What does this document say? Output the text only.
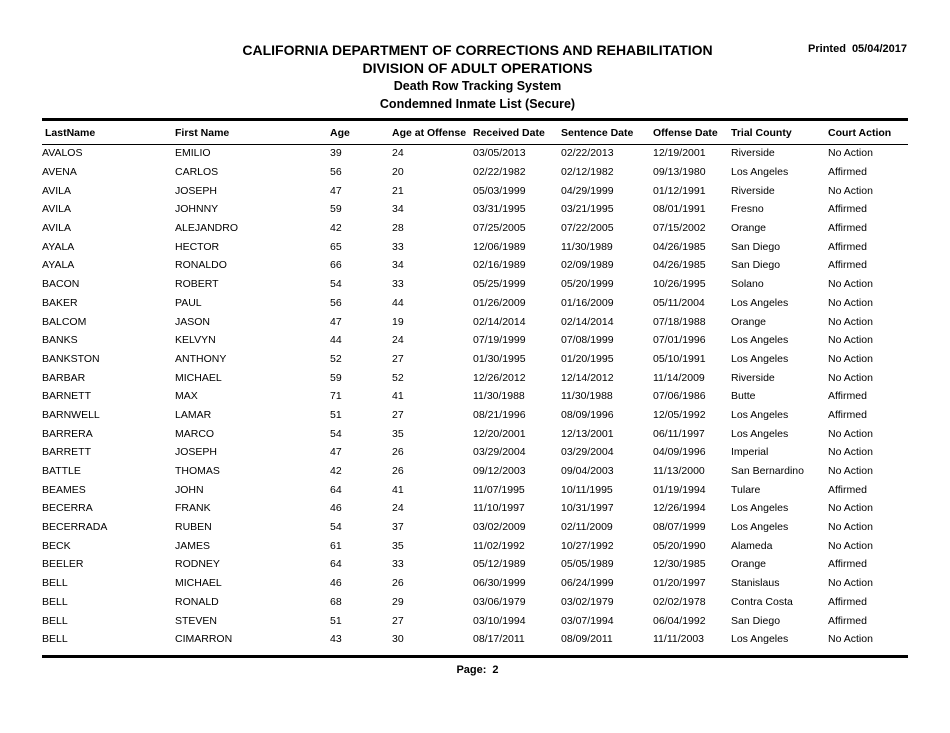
CALIFORNIA DEPARTMENT OF CORRECTIONS AND REHABILITATION
DIVISION OF ADULT OPERATIONS
Death Row Tracking System
Condemned Inmate List (Secure)
Printed 05/04/2017
LastName	First Name	Age	Age at Offense	Received Date	Sentence Date	Offense Date	Trial County	Court Action
AVALOS	EMILIO	39	24	03/05/2013	02/22/2013	12/19/2001	Riverside	No Action
AVENA	CARLOS	56	20	02/22/1982	02/12/1982	09/13/1980	Los Angeles	Affirmed
AVILA	JOSEPH	47	21	05/03/1999	04/29/1999	01/12/1991	Riverside	No Action
AVILA	JOHNNY	59	34	03/31/1995	03/21/1995	08/01/1991	Fresno	Affirmed
AVILA	ALEJANDRO	42	28	07/25/2005	07/22/2005	07/15/2002	Orange	Affirmed
AYALA	HECTOR	65	33	12/06/1989	11/30/1989	04/26/1985	San Diego	Affirmed
AYALA	RONALDO	66	34	02/16/1989	02/09/1989	04/26/1985	San Diego	Affirmed
BACON	ROBERT	54	33	05/25/1999	05/20/1999	10/26/1995	Solano	No Action
BAKER	PAUL	56	44	01/26/2009	01/16/2009	05/11/2004	Los Angeles	No Action
BALCOM	JASON	47	19	02/14/2014	02/14/2014	07/18/1988	Orange	No Action
BANKS	KELVYN	44	24	07/19/1999	07/08/1999	07/01/1996	Los Angeles	No Action
BANKSTON	ANTHONY	52	27	01/30/1995	01/20/1995	05/10/1991	Los Angeles	No Action
BARBAR	MICHAEL	59	52	12/26/2012	12/14/2012	11/14/2009	Riverside	No Action
BARNETT	MAX	71	41	11/30/1988	11/30/1988	07/06/1986	Butte	Affirmed
BARNWELL	LAMAR	51	27	08/21/1996	08/09/1996	12/05/1992	Los Angeles	Affirmed
BARRERA	MARCO	54	35	12/20/2001	12/13/2001	06/11/1997	Los Angeles	No Action
BARRETT	JOSEPH	47	26	03/29/2004	03/29/2004	04/09/1996	Imperial	No Action
BATTLE	THOMAS	42	26	09/12/2003	09/04/2003	11/13/2000	San Bernardino	No Action
BEAMES	JOHN	64	41	11/07/1995	10/11/1995	01/19/1994	Tulare	Affirmed
BECERRA	FRANK	46	24	11/10/1997	10/31/1997	12/26/1994	Los Angeles	No Action
BECERRADA	RUBEN	54	37	03/02/2009	02/11/2009	08/07/1999	Los Angeles	No Action
BECK	JAMES	61	35	11/02/1992	10/27/1992	05/20/1990	Alameda	No Action
BEELER	RODNEY	64	33	05/12/1989	05/05/1989	12/30/1985	Orange	Affirmed
BELL	MICHAEL	46	26	06/30/1999	06/24/1999	01/20/1997	Stanislaus	No Action
BELL	RONALD	68	29	03/06/1979	03/02/1979	02/02/1978	Contra Costa	Affirmed
BELL	STEVEN	51	27	03/10/1994	03/07/1994	06/04/1992	San Diego	Affirmed
BELL	CIMARRON	43	30	08/17/2011	08/09/2011	11/11/2003	Los Angeles	No Action
Page: 2
